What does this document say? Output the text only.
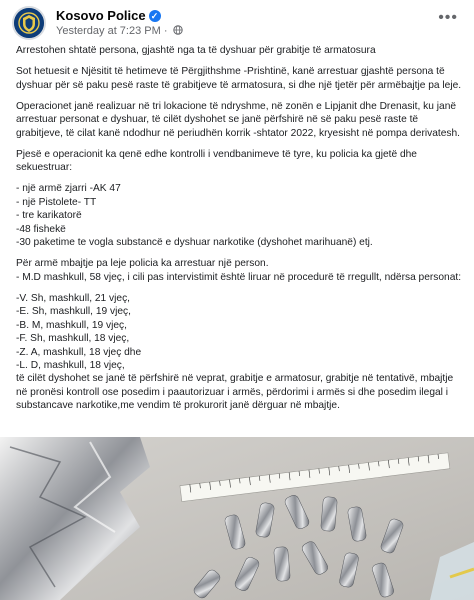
Kosovo Police ✓
Yesterday at 7:23 PM ·
•••

Arrestohen shtatë persona, gjashtë nga ta të dyshuar për grabitje të armatosura

Sot hetuesit e Njësitit të hetimeve të Përgjithshme -Prishtinë, kanë arrestuar gjashtë persona të dyshuar për së paku pesë raste të grabitjeve të armatosura, si dhe një tjetër për armëbajtje pa leje.

Operacionet janë realizuar në tri lokacione të ndryshme, në zonën e Lipjanit dhe Drenasit, ku janë arrestuar personat e dyshuar, të cilët dyshohet se janë përfshirë në së paku pesë raste të grabitjeve, të cilat kanë ndodhur në periudhën korrik -shtator 2022, kryesisht në pompa derivatesh.

Pjesë e operacionit ka qenë edhe kontrolli i vendbanimeve të tyre, ku policia ka gjetë dhe sekuestruar:

- një armë zjarri -AK 47
- një Pistolete- TT
- tre karikatorë
-48 fishekë
-30 paketime te vogla substancë e dyshuar narkotike (dyshohet marihuanë) etj.

Për armë mbajtje pa leje policia ka arrestuar një person.
- M.D mashkull, 58 vjeç, i cili pas intervistimit është liruar në procedurë të rregullt, ndërsa personat:

-V. Sh, mashkull, 21 vjeç,
-E. Sh, mashkull, 19 vjeç,
-B. M, mashkull, 19 vjeç,
-F. Sh, mashkull, 18 vjeç,
-Z. A, mashkull, 18 vjeç dhe
-L. D, mashkull, 18 vjeç,
të cilët dyshohet se janë të përfshirë në veprat, grabitje e armatosur, grabitje në tentativë, mbajtje në pronësi kontroll ose posedim i paautorizuar i armës, përdorimi i armës si dhe posedim ilegal i substancave narkotike,me vendim të prokurorit janë dërguar në mbajtje.
